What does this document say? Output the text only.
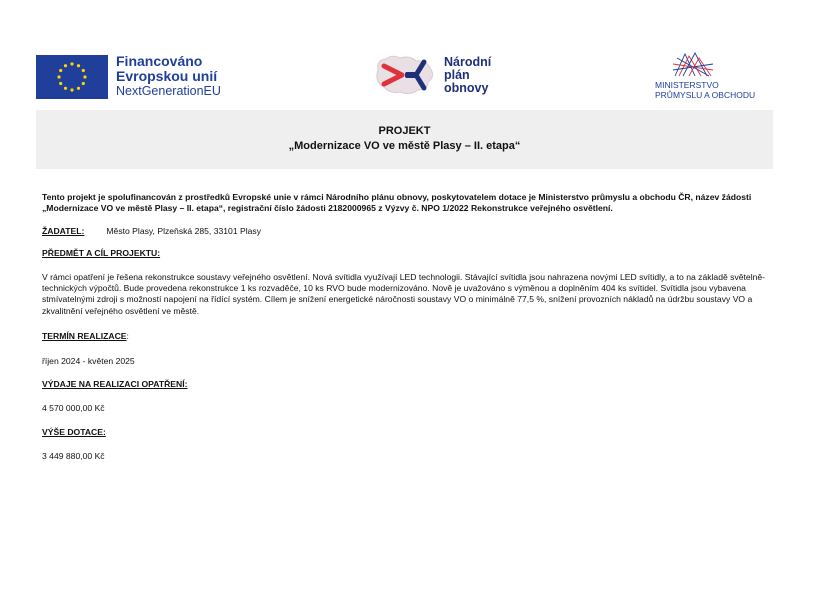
Financováno
Evropskou unií
NextGenerationEU
Národní
plán
obnovy	MINISTERSTVO
PRŮMYSLU A OBCHODU
PROJEKT
„Modernizace VO ve městě Plasy – II. etapa“

Tento projekt je spolufinancován z prostředků Evropské unie v rámci Národního plánu obnovy, poskytovatelem dotace je Ministerstvo průmyslu a obchodu ČR, název žádosti „Modernizace VO ve městě Plasy – II. etapa“, registrační číslo žádosti 2182000965 z Výzvy č. NPO 1/2022 Rekonstrukce veřejného osvětlení.

ŽADATEL:	Město Plasy, Plzeňská 285, 33101 Plasy
PŘEDMĚT A CÍL PROJEKTU:
V rámci opatření je řešena rekonstrukce soustavy veřejného osvětlení. Nová svítidla využívají LED technologii. Stávající svítidla jsou nahrazena novými LED svítidly, a to na základě světelně-technických výpočtů. Bude provedena rekonstrukce 1 ks rozvaděče, 10 ks RVO bude modernizováno. Nově je uvažováno s výměnou a doplněním 404 ks svítidel. Svítidla jsou vybavena stmívatelnými zdroji s možností napojení na řídící systém. Cílem je snížení energetické náročnosti soustavy VO o minimálně 77,5 %, snížení provozních nákladů na údržbu soustavy VO a zkvalitnění veřejného osvětlení ve městě.
TERMÍN REALIZACE:
říjen 2024 - květen 2025
VÝDAJE NA REALIZACI OPATŘENÍ:
4 570 000,00 Kč
VÝŠE DOTACE:
3 449 880,00 Kč
